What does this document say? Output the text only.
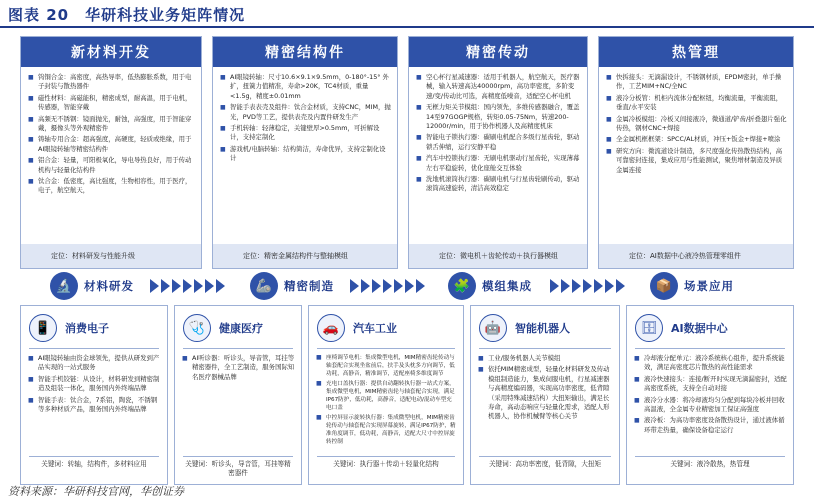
图表 20　华研科技业务矩阵情况
新材料开发
■ 钨铜合金：高密度，高热导率，低热膨胀系数，用于电子封装与散热器件
■ 磁性材料：高磁能积，精密成型，耐高温，用于电机，传感器，智能穿戴
■ 高频无不锈钢：镜面抛光，耐蚀，高强度，用于智能穿戴，摄像头等外观精密件
■ 铸轴专用合金：超高强度，高硬度，轻质或绝缘，用于AI眼镜转轴等精密结构件
■ 铝合金：轻量，可阳极氧化，导电导热良好，用于传动机构与轻量化结构件
■ 钛合金：低密度，高比强度，生物相容性，用于医疗，电子，航空航天，
定位：材料研发与性能升级
精密结构件
■ AI眼镜转轴：尺寸10.6×9.1×9.5mm，0-180°-15° 外扩，扭簧力值精准，寿命>20K，TC4材质，重量<1.5g，精度±0.01mm
■ 智能手表表壳及组件：钛合金材质，支持CNC，MIM，抛光，PVD等工艺，提供表壳及内置件研发生产
■ 手机转轴：轻薄稳定，关键壁厚>0.5mm，可折解设计，支持定制化
■ 游戏机/电脑转轴：结构简洁，寿命优异，支持定制化设计
定位：精密金属结构件与整轴模组
精密传动
■ 空心杯行星减速器：适用于机器人，航空航天，医疗器械，输入转速高达40000rpm，高功率密度，多阶变速/变/传动比可选，高精度低噪音，适配空心杯电机
■ 无框力矩关节模组：国内领先，多维传感器融合，覆盖14至97GOGP规格，转矩0.05-75Nm，转速200-12000r/min，用于协作机器人及高精度机床
■ 智能电子锁执行器：碳刷电机配合多级行星齿轮，驱动锁舌伸缩，运行安静平稳
■ 汽车中控锁执行器：无刷电机驱动行星齿轮，实现薄幕左右平稳旋转，优化座舱交互体验
■ 洗地机滚筒执行器：碳刷电机与行星齿轮刷传动，驱动滚筒高速旋转，清洁高效稳定
定位：微电机＋齿轮传动＋执行器模组
热管理
■ 快拆接头：无滴漏设计，不锈钢材质，EPDM密封，单手操作，工艺MIM+NC/全NC
■ 液冷分板管：机柜内流体分配枢纽，均衡流量，平衡流阻，垂直/水平安装
■ 金属冷板模组：冷板又间接液冷，微通道/铲齿/折叠翅片强化传热，钢材CNC+焊接
■ 全金属机框框架：SPCC/AL材质，冲压+钣金+焊接+喷涂
■ 研究方向：微流道设计制造，多尺度强化传热散热结构，高可靠密封连接，集成应用与性能测试，聚焦增材制造及异质金属连接
定位：AI数据中心液冷热管理零组件
🔬	材料研发	🦾	精密制造	🧩	模组集成	📦	场景应用
📱	消费电子
■ AI眼镜转轴由资金球领先，提供从研发到产品实现的一站式服务
■ 智能手机铰链：从设计，材料研发到精密制造及组装一体化，服务国内外终端品牌
■ 智能手表：钛合金，7系铝，陶瓷，不锈钢等多种材质产品，服务国内外终端品牌
关键词：转轴，结构件，多材料应用
🩺	健康医疗
■ AI听诊器：听诊头，导音管，耳挂等精密器件，全工艺制造，服务国际知名医疗器械品牌
关键词：听诊头，导音管，耳挂等精密器件
🚗	汽车工业
■ 座椅调节电机：集成微型电机，MIM精密齿轮传动与轴套配合实现坐盆前后，扶手及头枕多方向调节，低功耗，高静音，精准调节，适配座椅多维度调节
■ 充电口盖执行器：提供自动翻转执行器一站式方案，集成微型电机，MIM精密齿轮与轴套配合实现，满足IP67防护，低功耗，高静音，适配电动/混动车型充电口盖
■ 中控屏显示旋转执行器：集成微型电机，MIM精密齿轮传动与轴套配合实现屏幕旋转，满足IP67防护，精准角度调节，低功耗，高静音，适配大尺寸中控屏旋转控制
关键词：执行器＋传动＋轻量化结构
🤖	智能机器人
■ 工业/服务机器人关节模组
■ 依托MIM精密成型，轻量化材料研发及传动模组制造能力，集成伺服电机，行星减速器与高精度编码器，实现高功率密度，低背隙（采用特殊减速结构）大扭矩输出，满足长寿命，高动态响应与轻量化需求，适配人形机器人，协作机械臂等核心关节
关键词：高功率密度，低背隙，大扭矩
🗄	AI数据中心
■ 冷却液分配单元：液冷系统核心组件，提升系统能效，满足高密度芯片散热的高性能需求
■ 液冷快速接头：连接/断开时实现无滴漏密封，适配高密度系统，支持全自动对接
■ 液冷分水器：将冷却液均匀分配到每块冷板并回收高温液，全金属专业精密加工保证高强度
■ 液冷板：为高功率密度设备散热设计，通过液体循环带走热量，确保设备稳定运行
关键词：液冷散热，热管理
资料来源：华研科技官网，华创证券
